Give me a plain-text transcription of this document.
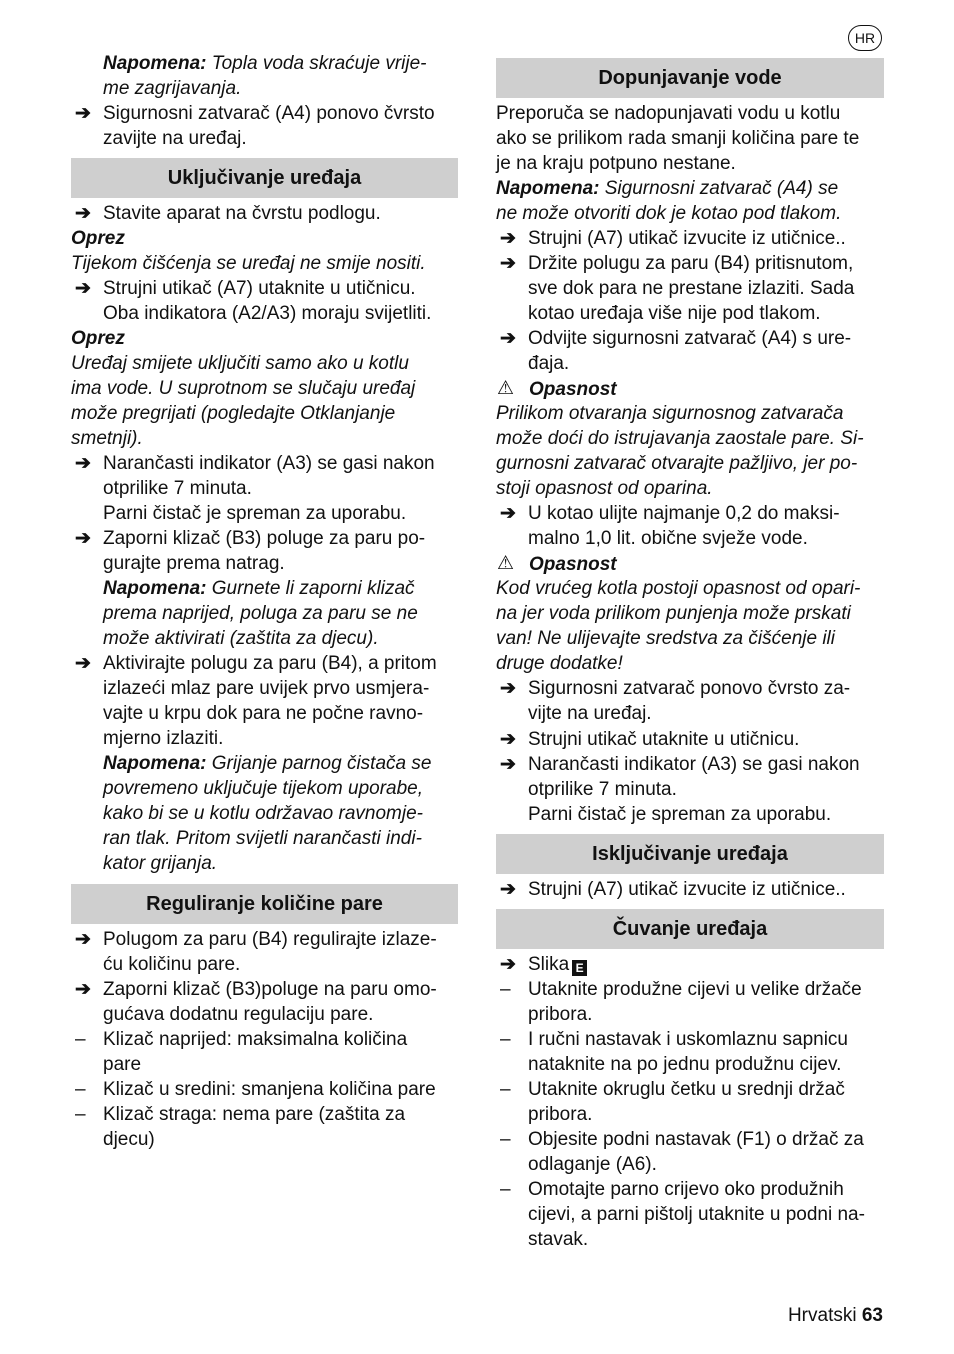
HR
Napomena: Topla voda skraćuje vrije-
me zagrijavanja.
➔ Sigurnosni zatvarač (A4) ponovo čvrsto
zavijte na uređaj.
Uključivanje uređaja
➔ Stavite aparat na čvrstu podlogu.
Oprez
Tijekom čišćenja se uređaj ne smije nositi.
➔ Strujni utikač (A7) utaknite u utičnicu.
Oba indikatora (A2/A3) moraju svijetliti.
Oprez
Uređaj smijete uključiti samo ako u kotlu
ima vode. U suprotnom se slučaju uređaj
može pregrijati (pogledajte Otklanjanje
smetnji).
➔ Narančasti indikator (A3) se gasi nakon
otprilike 7 minuta.
Parni čistač je spreman za uporabu.
➔ Zaporni klizač (B3) poluge za paru po-
gurajte prema natrag.
Napomena: Gurnete li zaporni klizač
prema naprijed, poluga za paru se ne
može aktivirati (zaštita za djecu).
➔ Aktivirajte polugu za paru (B4), a pritom
izlazeći mlaz pare uvijek prvo usmjera-
vajte u krpu dok para ne počne ravno-
mjerno izlaziti.
Napomena: Grijanje parnog čistača se
povremeno uključuje tijekom uporabe,
kako bi se u kotlu održavao ravnomje-
ran tlak. Pritom svijetli narančasti indi-
kator grijanja.
Reguliranje količine pare
➔ Polugom za paru (B4) regulirajte izlaze-
ću količinu pare.
➔ Zaporni klizač (B3)poluge na paru omo-
gućava dodatnu regulaciju pare.
– Klizač naprijed: maksimalna količina
pare
– Klizač u sredini: smanjena količina pare
– Klizač straga: nema pare (zaštita za
djecu)
Dopunjavanje vode
Preporuča se nadopunjavati vodu u kotlu
ako se prilikom rada smanji količina pare te
je na kraju potpuno nestane.
Napomena: Sigurnosni zatvarač (A4) se
ne može otvoriti dok je kotao pod tlakom.
➔ Strujni (A7) utikač izvucite iz utičnice..
➔ Držite polugu za paru (B4) pritisnutom,
sve dok para ne prestane izlaziti. Sada
kotao uređaja više nije pod tlakom.
➔ Odvijte sigurnosni zatvarač (A4) s ure-
đaja.
⚠ Opasnost
Prilikom otvaranja sigurnosnog zatvarača
može doći do istrujavanja zaostale pare. Si-
gurnosni zatvarač otvarajte pažljivo, jer po-
stoji opasnost od oparina.
➔ U kotao ulijte najmanje 0,2 do maksi-
malno 1,0 lit. obične svježe vode.
⚠ Opasnost
Kod vrućeg kotla postoji opasnost od opari-
na jer voda prilikom punjenja može prskati
van! Ne ulijevajte sredstva za čišćenje ili
druge dodatke!
➔ Sigurnosni zatvarač ponovo čvrsto za-
vijte na uređaj.
➔ Strujni utikač utaknite u utičnicu.
➔ Narančasti indikator (A3) se gasi nakon
otprilike 7 minuta.
Parni čistač je spreman za uporabu.
Isključivanje uređaja
➔ Strujni (A7) utikač izvucite iz utičnice..
Čuvanje uređaja
➔ Slika E
– Utaknite produžne cijevi u velike držače
pribora.
– I ručni nastavak i uskomlaznu sapnicu
nataknite na po jednu produžnu cijev.
– Utaknite okruglu četku u srednji držač
pribora.
– Objesite podni nastavak (F1) o držač za
odlaganje (A6).
– Omotajte parno crijevo oko produžnih
cijevi, a parni pištolj utaknite u podni na-
stavak.
Hrvatski 63
